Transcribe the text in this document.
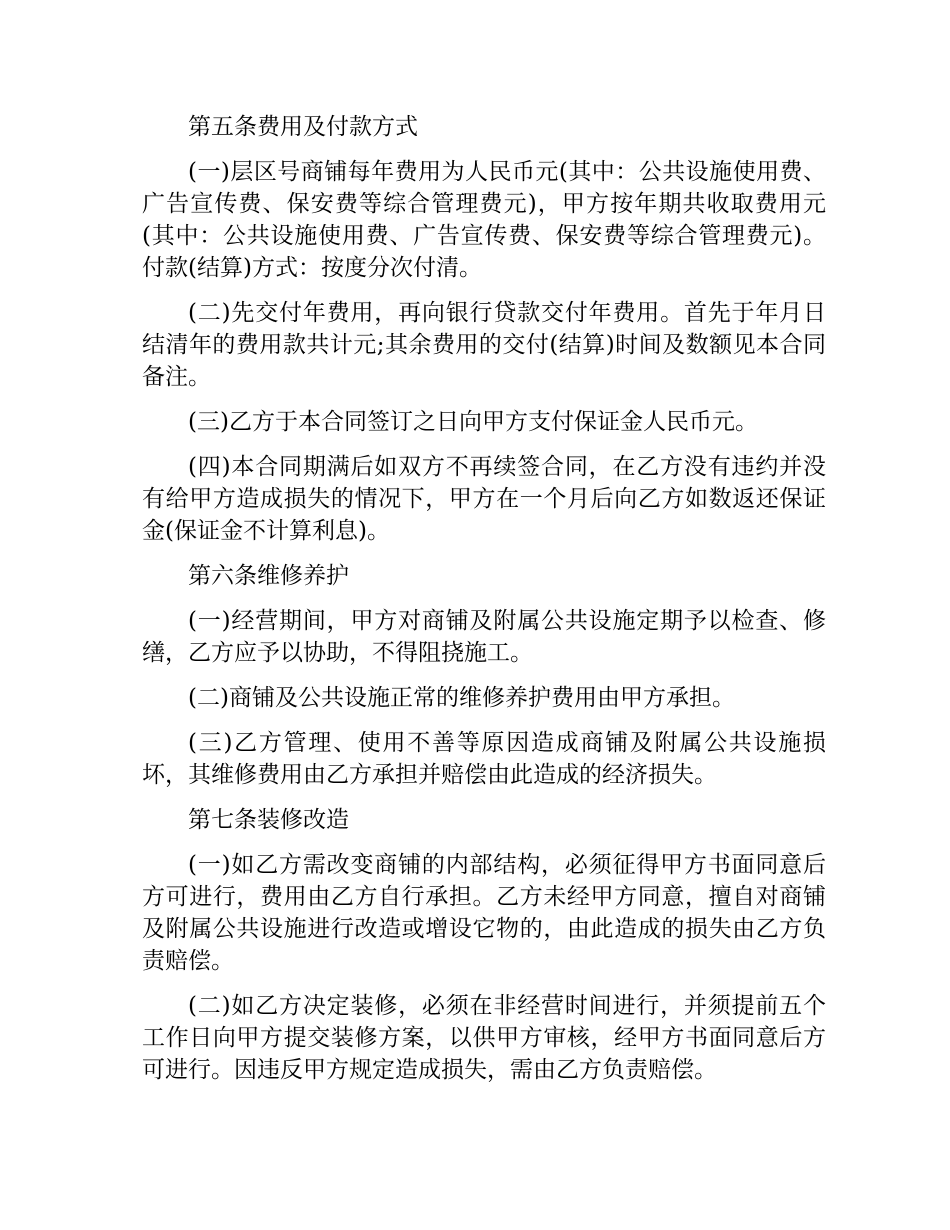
第五条费用及付款方式

(一)层区号商铺每年费用为人民币元(其中：公共设施使用费、广告宣传费、保安费等综合管理费元)，甲方按年期共收取费用元(其中：公共设施使用费、广告宣传费、保安费等综合管理费元)。付款(结算)方式：按度分次付清。

(二)先交付年费用，再向银行贷款交付年费用。首先于年月日结清年的费用款共计元;其余费用的交付(结算)时间及数额见本合同备注。

(三)乙方于本合同签订之日向甲方支付保证金人民币元。

(四)本合同期满后如双方不再续签合同，在乙方没有违约并没有给甲方造成损失的情况下，甲方在一个月后向乙方如数返还保证金(保证金不计算利息)。

第六条维修养护

(一)经营期间，甲方对商铺及附属公共设施定期予以检查、修缮，乙方应予以协助，不得阻挠施工。

(二)商铺及公共设施正常的维修养护费用由甲方承担。

(三)乙方管理、使用不善等原因造成商铺及附属公共设施损坏，其维修费用由乙方承担并赔偿由此造成的经济损失。

第七条装修改造

(一)如乙方需改变商铺的内部结构，必须征得甲方书面同意后方可进行，费用由乙方自行承担。乙方未经甲方同意，擅自对商铺及附属公共设施进行改造或增设它物的，由此造成的损失由乙方负责赔偿。

(二)如乙方决定装修，必须在非经营时间进行，并须提前五个工作日向甲方提交装修方案，以供甲方审核，经甲方书面同意后方可进行。因违反甲方规定造成损失，需由乙方负责赔偿。
